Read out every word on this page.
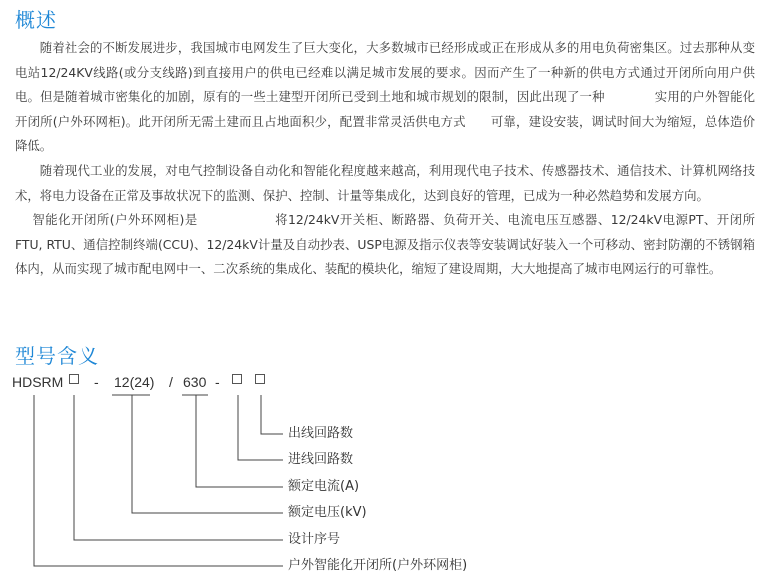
概述

随着社会的不断发展进步，我国城市电网发生了巨大变化，大多数城市已经形成或正在形成从多的用电负荷密集区。过去那种从变电站12/24KV线路(或分支线路)到直接用户的供电已经难以满足城市发展的要求。因而产生了一种新的供电方式通过开闭所向用户供电。但是随着城市密集化的加剧，原有的一些土建型开闭所已受到土地和城市规划的限制，因此出现了一种　　　　实用的户外智能化开闭所(户外环网柜)。此开闭所无需土建而且占地面积少，配置非常灵活供电方式　　可靠，建设安装，调试时间大为缩短，总体造价降低。

随着现代工业的发展，对电气控制设备自动化和智能化程度越来越高，利用现代电子技术、传感器技术、通信技术、计算机网络技术，将电力设备在正常及事故状况下的监测、保护、控制、计量等集成化，达到良好的管理，已成为一种必然趋势和发展方向。

智能化开闭所(户外环网柜)是　　　　　　将12/24kV开关柜、断路器、负荷开关、电流电压互感器、12/24kV电源PT、开闭所FTU, RTU、通信控制终端(CCU)、12/24kV计量及自动抄表、USP电源及指示仪表等安装调试好装入一个可移动、密封防潮的不锈钢箱体内，从而实现了城市配电网中一、二次系统的集成化、装配的模块化，缩短了建设周期，大大地提高了城市电网运行的可靠性。

型号含义
HDSRM - 12(24) / 630 -
出线回路数
进线回路数
额定电流(A)
额定电压(kV)
设计序号
户外智能化开闭所(户外环网柜)
